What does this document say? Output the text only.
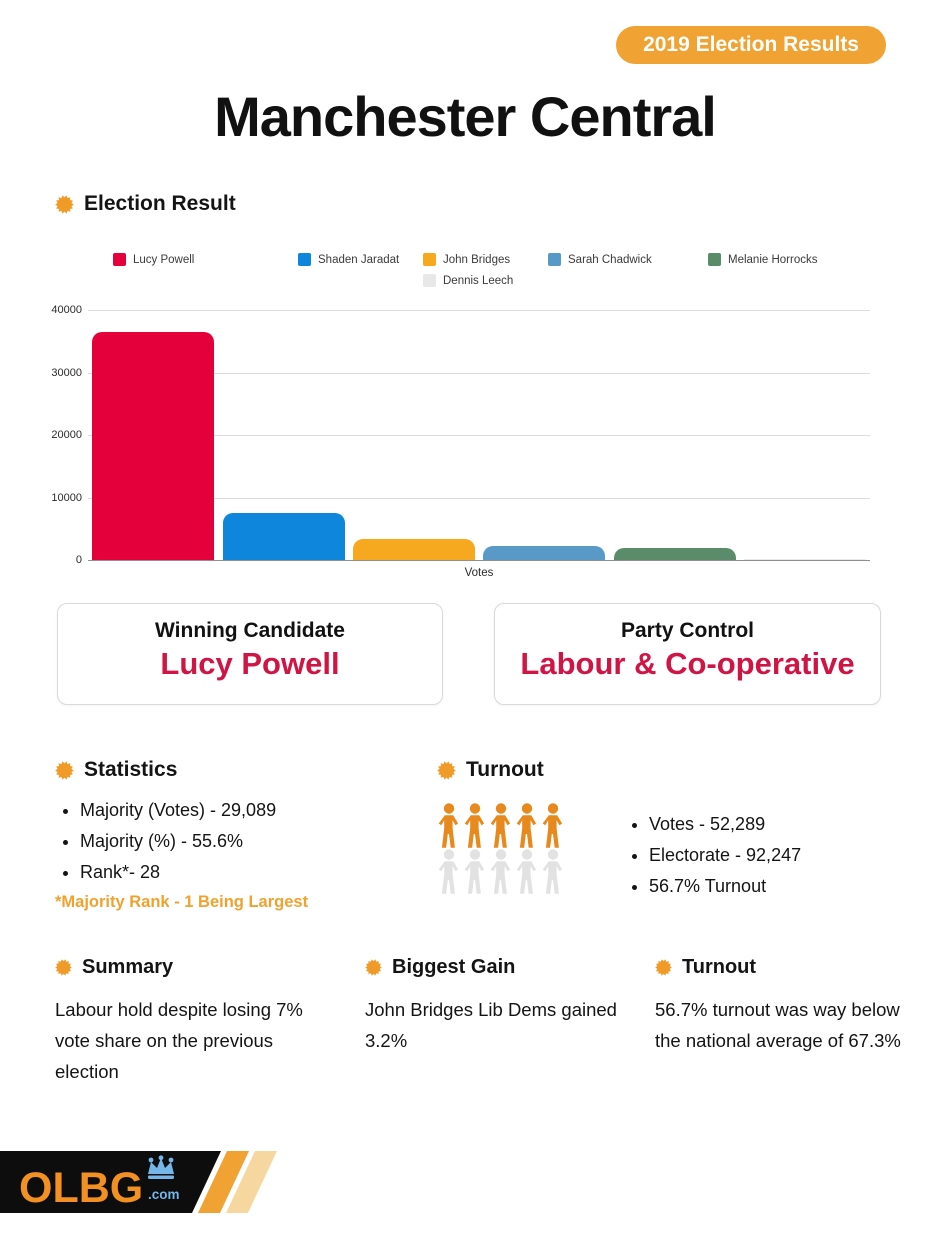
2019 Election Results
Manchester Central
Election Result
Lucy Powell	Shaden Jaradat	John Bridges	Sarah Chadwick	Melanie Horrocks
Dennis Leech
0
10000
20000
30000
40000
Votes
Winning Candidate
Lucy Powell
Party Control
Labour & Co-operative
Statistics
• Majority (Votes) - 29,089
• Majority (%) - 55.6%
• Rank*- 28
*Majority Rank - 1 Being Largest
Turnout
• Votes - 52,289
• Electorate - 92,247
• 56.7% Turnout
Summary

Labour hold despite losing 7% vote share on the previous election

Biggest Gain

John Bridges Lib Dems gained 3.2%

Turnout

56.7% turnout was way below the national average of 67.3%

OLBG .com
